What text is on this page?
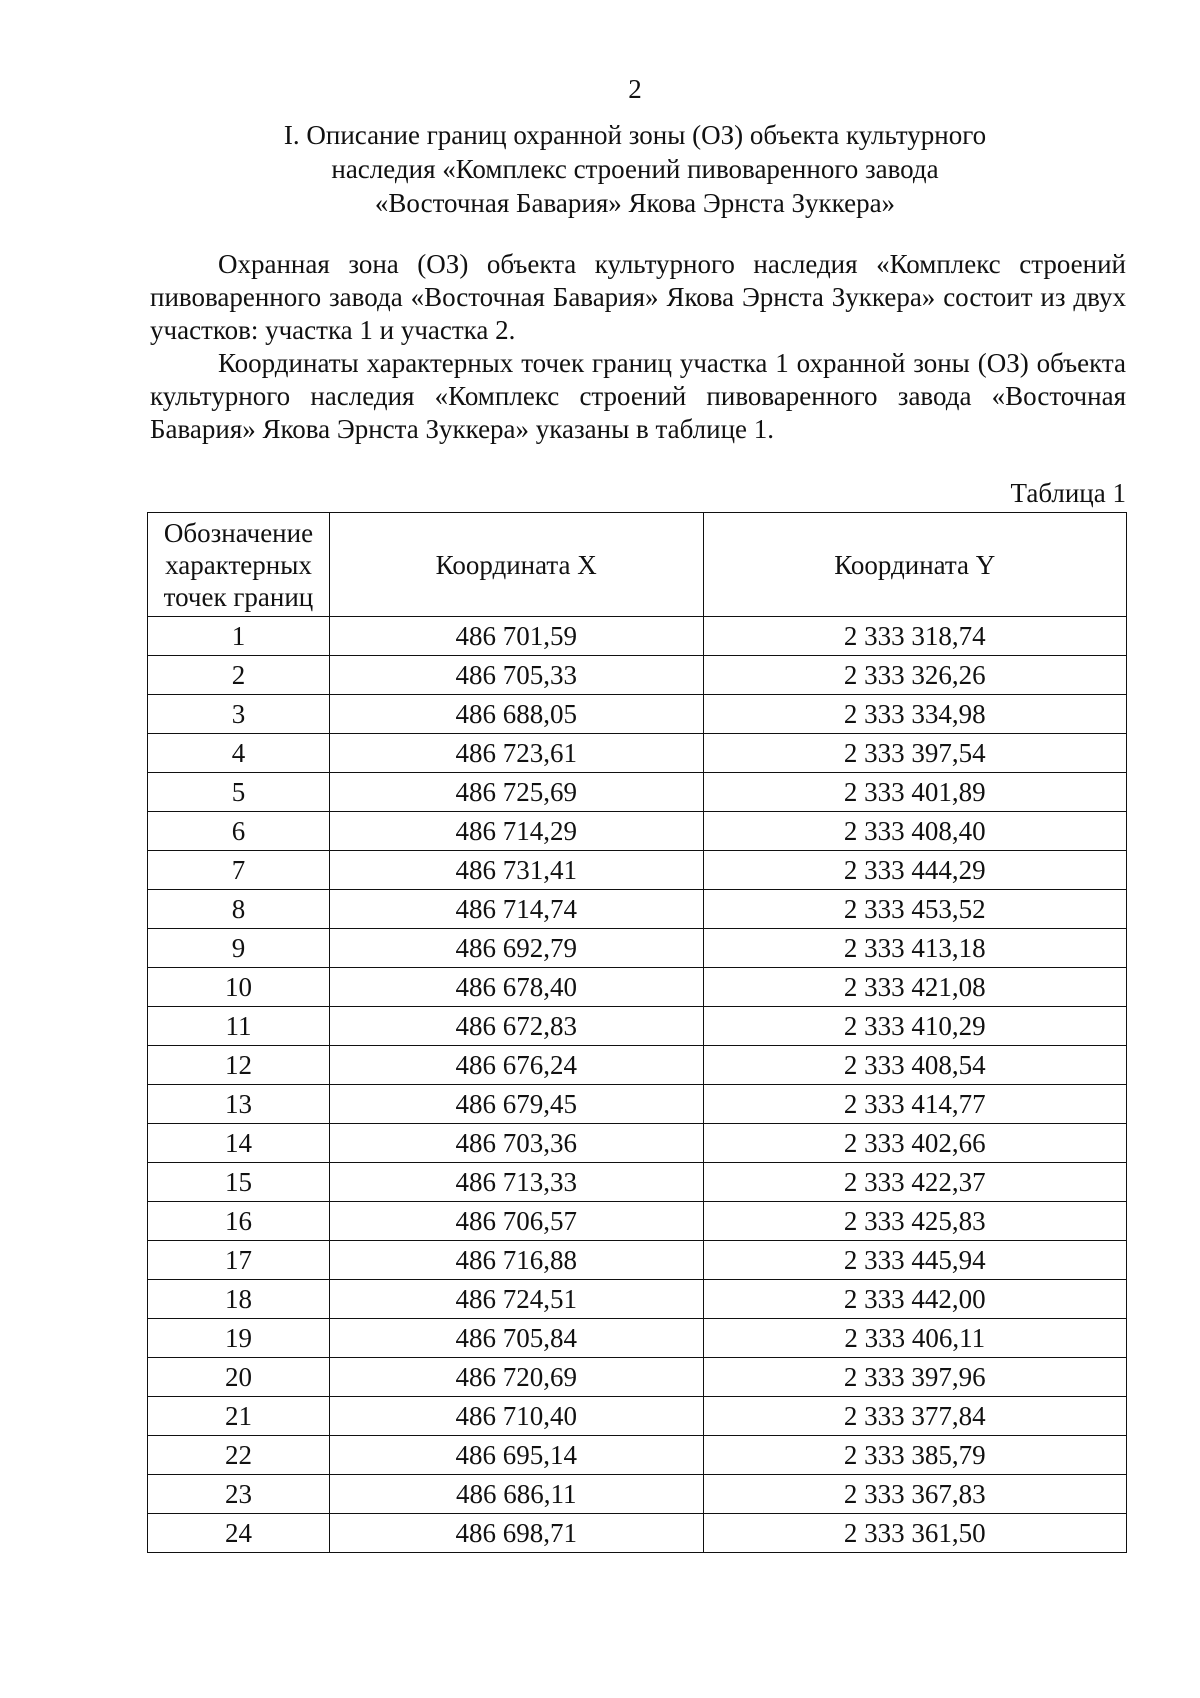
2
I. Описание границ охранной зоны (ОЗ) объекта культурного
наследия «Комплекс строений пивоваренного завода
«Восточная Бавария» Якова Эрнста Зуккера»

Охранная зона (ОЗ) объекта культурного наследия «Комплекс строений пивоваренного завода «Восточная Бавария» Якова Эрнста Зуккера» состоит из двух участков: участка 1 и участка 2.

Координаты характерных точек границ участка 1 охранной зоны (ОЗ) объекта культурного наследия «Комплекс строений пивоваренного завода «Восточная Бавария» Якова Эрнста Зуккера» указаны в таблице 1.

Таблица 1
Обозначение
характерных
точек границ	Координата X	Координата Y
1	486 701,59	2 333 318,74
2	486 705,33	2 333 326,26
3	486 688,05	2 333 334,98
4	486 723,61	2 333 397,54
5	486 725,69	2 333 401,89
6	486 714,29	2 333 408,40
7	486 731,41	2 333 444,29
8	486 714,74	2 333 453,52
9	486 692,79	2 333 413,18
10	486 678,40	2 333 421,08
11	486 672,83	2 333 410,29
12	486 676,24	2 333 408,54
13	486 679,45	2 333 414,77
14	486 703,36	2 333 402,66
15	486 713,33	2 333 422,37
16	486 706,57	2 333 425,83
17	486 716,88	2 333 445,94
18	486 724,51	2 333 442,00
19	486 705,84	2 333 406,11
20	486 720,69	2 333 397,96
21	486 710,40	2 333 377,84
22	486 695,14	2 333 385,79
23	486 686,11	2 333 367,83
24	486 698,71	2 333 361,50
